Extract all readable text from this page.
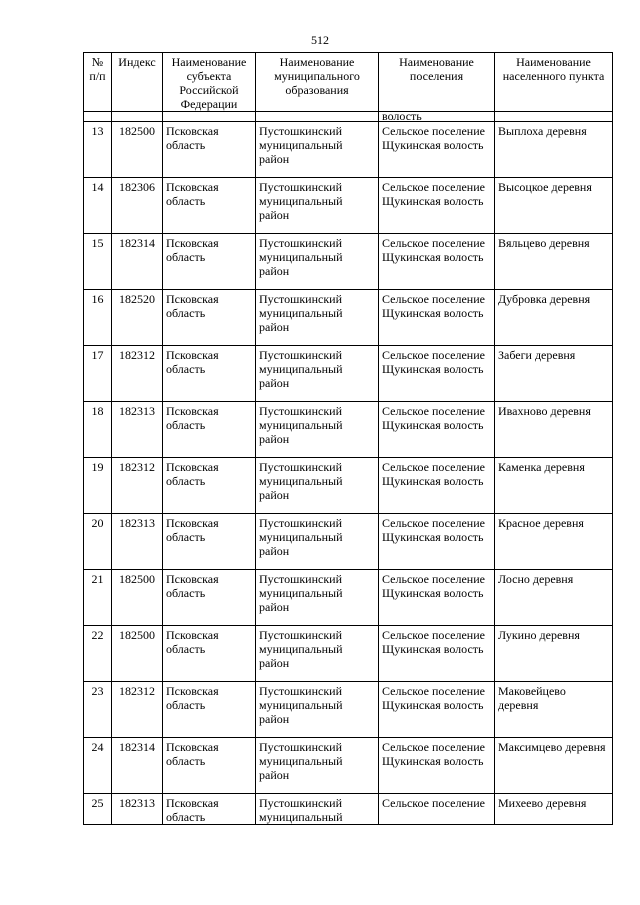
512
№ п/п	Индекс	Наименование субъекта Российской Федерации	Наименование муниципального образования	Наименование поселения	Наименование населенного пункта
				волость	
13	182500	Псковская область	Пустошкинский муниципальный район	Сельское поселение Щукинская волость	Выплоха деревня
14	182306	Псковская область	Пустошкинский муниципальный район	Сельское поселение Щукинская волость	Высоцкое деревня
15	182314	Псковская область	Пустошкинский муниципальный район	Сельское поселение Щукинская волость	Вяльцево деревня
16	182520	Псковская область	Пустошкинский муниципальный район	Сельское поселение Щукинская волость	Дубровка деревня
17	182312	Псковская область	Пустошкинский муниципальный район	Сельское поселение Щукинская волость	Забеги деревня
18	182313	Псковская область	Пустошкинский муниципальный район	Сельское поселение Щукинская волость	Ивахново деревня
19	182312	Псковская область	Пустошкинский муниципальный район	Сельское поселение Щукинская волость	Каменка деревня
20	182313	Псковская область	Пустошкинский муниципальный район	Сельское поселение Щукинская волость	Красное деревня
21	182500	Псковская область	Пустошкинский муниципальный район	Сельское поселение Щукинская волость	Лосно деревня
22	182500	Псковская область	Пустошкинский муниципальный район	Сельское поселение Щукинская волость	Лукино деревня
23	182312	Псковская область	Пустошкинский муниципальный район	Сельское поселение Щукинская волость	Маковейцево деревня
24	182314	Псковская область	Пустошкинский муниципальный район	Сельское поселение Щукинская волость	Максимцево деревня
25	182313	Псковская область	Пустошкинский муниципальный	Сельское поселение	Михеево деревня
